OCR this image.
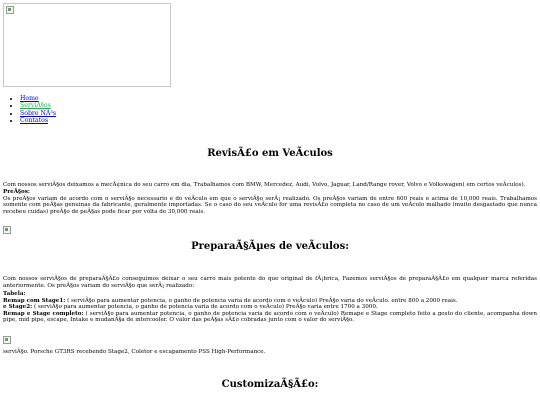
• Home
• ServiÃ§os
• Sobre NÃ³s
• Contatos
RevisÃ£o em VeÃculos

Com nossos serviÃ§os deixamos a mecÃ¢nica do seu carro em dia, Trabalhamos com BMW, Mercedez, Audi, Volvo, Jaguar, Land/Range rover, Volvo e Volkswagen( em certos veÃculos).

PreÃ§os:
Os preÃ§os variam de acordo com o serviÃ§o necessario e do veÃculo em que o serviÃ§o serÃ¡ realizado. Os preÃ§os variam de entre 600 reais e acima de 10,000 reais. Trabalhamos somente com peÃ§as genuinas da fabricante, geralmente importadas. Se o caso do seu veÃculo for uma revisÃ£o completa no caso de um veÃculo malhado (muito desgastado que nunca recebeu cuidas) preÃ§o de peÃ§as pode ficar por volta de 30,000 reais.

PreparaÃ§Ãµes de veÃculos:

Com nossos serviÃ§os de preparaÃ§Ã£o conseguimos deixar o seu carro mais potente do que original de fÃ¡brica, Fazemos serviÃ§os de preparaÃ§Ã£o em qualquer marca referidas anteriormente. Os preÃ§os variam do serviÃ§o que serÃ¡ realizado:

Tabela:
Remap com Stage1: ( serviÃ§o para aumentar potencia, o ganho de potencia varia de acordo com o veÃculo) PreÃ§o varia do veÃculo. entre 800 a 2000 reais.
e Stage2: ( serviÃ§o para aumentar potencia, o ganho de potencia varia de acordo com o veÃculo) PreÃ§o varia entre 1700 a 3000.
Remap e Stage completo: ( serviÃ§o para aumentar potencia, o ganho de potencia varia de acordo com o veÃculo) Remape e Stage completo feito a gosto do cliente, acompanha down pipe, mid pipe, escape, Intake e mudanÃ§a de intercooler. O valor das peÃ§as sÃ£o cobradas junto com o valor do serviÃ§o.

serviÃ§o. Porsche GT3RS recebendo Stage2, Coletor e escapamento PSS High-Performance.

CustomizaÃ§Ã£o:
